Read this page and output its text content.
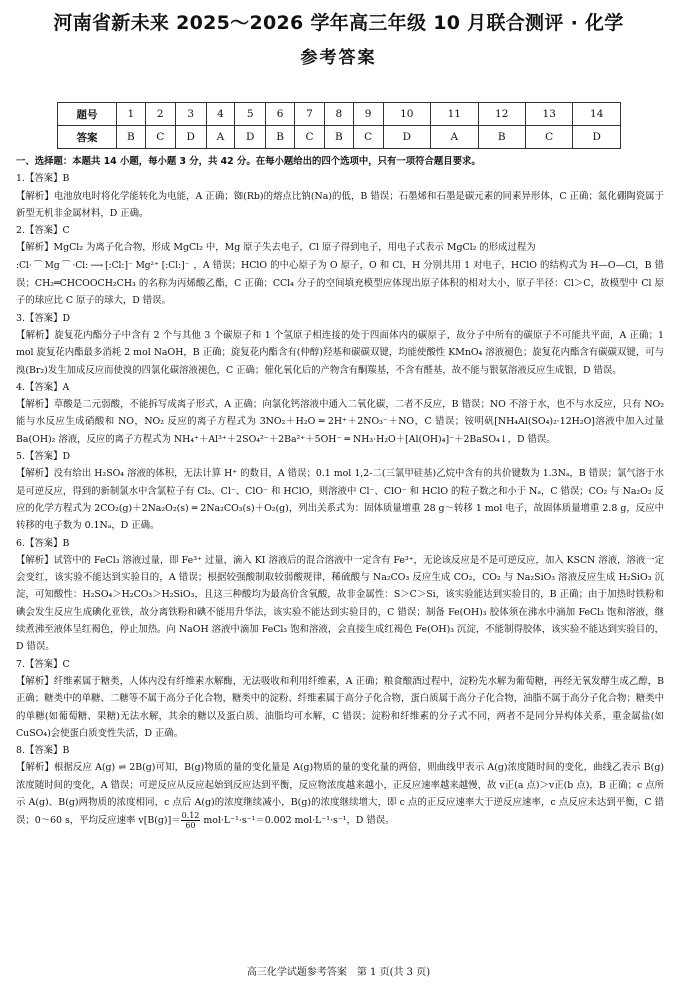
河南省新未来 2025～2026 学年高三年级 10 月联合测评 · 化学
参考答案
题号	1	2	3	4	5	6	7	8	9	10	11	12	13	14
答案	B	C	D	A	D	B	C	B	C	D	A	B	C	D
一、选择题：本题共 14 小题，每小题 3 分，共 42 分。在每小题给出的四个选项中，只有一项符合题目要求。
1.【答案】B
【解析】电池放电时将化学能转化为电能，A 正确；铷(Rb)的熔点比钠(Na)的低，B 错误；石墨烯和石墨是碳元素的同素异形体，C 正确；氮化硼陶瓷属于新型无机非金属材料，D 正确。
2.【答案】C
【解析】MgCl₂ 为离子化合物，形成 MgCl₂ 中，Mg 原子失去电子，Cl 原子得到电子，用电子式表示 MgCl₂ 的形成过程为

:Cl· ⁀ Mg ⁀ ·Cl: ⟶ [:Cl:]⁻ Mg²⁺ [:Cl:]⁻ ，A 错误；HClO 的中心原子为 O 原子，O 和 Cl、H 分别共用 1 对电子，HClO 的结构式为 H—O—Cl，B 错误；CH₂═CHCOOCH₂CH₃ 的名称为丙烯酸乙酯，C 正确；CCl₄ 分子的空间填充模型应体现出原子体积的相对大小，原子半径：Cl＞C，故模型中 Cl 原子的球应比 C 原子的球大，D 错误。
3.【答案】D
【解析】旋复花内酯分子中含有 2 个与其他 3 个碳原子和 1 个氢原子相连接的处于四面体内的碳原子，故分子中所有的碳原子不可能共平面，A 正确；1 mol 旋复花内酯最多消耗 2 mol NaOH，B 正确；旋复花内酯含有(仲醇)羟基和碳碳双键，均能使酸性 KMnO₄ 溶液褪色；旋复花内酯含有碳碳双键，可与溴(Br₂)发生加成反应而使溴的四氯化碳溶液褪色，C 正确；催化氧化后的产物含有酮羰基，不含有醛基，故不能与银氨溶液反应生成银，D 错误。
4.【答案】A
【解析】草酸是二元弱酸，不能拆写成离子形式，A 正确；向氯化钙溶液中通入二氧化碳，二者不反应，B 错误；NO 不溶于水，也不与水反应，只有 NO₂ 能与水反应生成硝酸和 NO，NO₂ 反应的离子方程式为 3NO₂＋H₂O ═ 2H⁺＋2NO₃⁻＋NO，C 错误；铵明矾[NH₄Al(SO₄)₂·12H₂O]溶液中加入过量 Ba(OH)₂ 溶液，反应的离子方程式为 NH₄⁺＋Al³⁺＋2SO₄²⁻＋2Ba²⁺＋5OH⁻ ═ NH₃·H₂O＋[Al(OH)₄]⁻＋2BaSO₄↓，D 错误。
5.【答案】D
【解析】没有给出 H₂SO₄ 溶液的体积，无法计算 H⁺ 的数目，A 错误；0.1 mol 1,2-二(三氯甲硅基)乙烷中含有的共价键数为 1.3Nₐ，B 错误；氯气溶于水是可逆反应，得到的新制氯水中含氯粒子有 Cl₂、Cl⁻、ClO⁻ 和 HClO，则溶液中 Cl⁻、ClO⁻ 和 HClO 的粒子数之和小于 Nₐ，C 错误；CO₂ 与 Na₂O₂ 反应的化学方程式为 2CO₂(g)＋2Na₂O₂(s) ═ 2Na₂CO₃(s)＋O₂(g)，列出关系式为：固体质量增重 28 g～转移 1 mol 电子，故固体质量增重 2.8 g，反应中转移的电子数为 0.1Nₐ，D 正确。
6.【答案】B
【解析】试管中的 FeCl₃ 溶液过量，即 Fe³⁺ 过量，滴入 KI 溶液后的混合溶液中一定含有 Fe³⁺，无论该反应是不是可逆反应，加入 KSCN 溶液，溶液一定会变红，该实验不能达到实验目的，A 错误；根据较强酸制取较弱酸规律，稀硫酸与 Na₂CO₃ 反应生成 CO₂，CO₂ 与 Na₂SiO₃ 溶液反应生成 H₂SiO₃ 沉淀，可知酸性：H₂SO₄＞H₂CO₃＞H₂SiO₃，且这三种酸均为最高价含氧酸，故非金属性：S＞C＞Si，该实验能达到实验目的，B 正确；由于加热时铁粉和碘会发生反应生成碘化亚铁，故分离铁粉和碘不能用升华法，该实验不能达到实验目的，C 错误；制备 Fe(OH)₃ 胶体须在沸水中滴加 FeCl₃ 饱和溶液，继续煮沸至液体呈红褐色，停止加热。向 NaOH 溶液中滴加 FeCl₃ 饱和溶液，会直接生成红褐色 Fe(OH)₃ 沉淀，不能制得胶体，该实验不能达到实验目的，D 错误。
7.【答案】C
【解析】纤维素属于糖类，人体内没有纤维素水解酶，无法吸收和利用纤维素，A 正确；粮食酿酒过程中，淀粉先水解为葡萄糖，再经无氧发酵生成乙醇，B 正确；糖类中的单糖、二糖等不属于高分子化合物，糖类中的淀粉、纤维素属于高分子化合物，蛋白质属于高分子化合物，油脂不属于高分子化合物；糖类中的单糖(如葡萄糖、果糖)无法水解，其余的糖以及蛋白质、油脂均可水解，C 错误；淀粉和纤维素的分子式不同，两者不是同分异构体关系，重金属盐(如 CuSO₄)会使蛋白质变性失活，D 正确。
8.【答案】B
【解析】根据反应 A(g) ⇌ 2B(g)可知，B(g)物质的量的变化量是 A(g)物质的量的变化量的两倍，则曲线甲表示 A(g)浓度随时间的变化，曲线乙表示 B(g)浓度随时间的变化，A 错误；可逆反应从反应起始到反应达到平衡，反应物浓度越来越小，正反应速率越来越慢，故 v正(a 点)＞v正(b 点)，B 正确；c 点所示 A(g)、B(g)两物质的浓度相同，c 点后 A(g)的浓度继续减小，B(g)的浓度继续增大，即 c 点的正反应速率大于逆反应速率，c 点反应未达到平衡，C 错误；0～60 s，平均反应速率 $v[B(g)]= \frac{0.12}{60} mol\cdot L^{-1}\cdot s^{-1}=0.002$ mol·L⁻¹·s⁻¹，D 错误。
高三化学试题参考答案　第 1 页(共 3 页)
